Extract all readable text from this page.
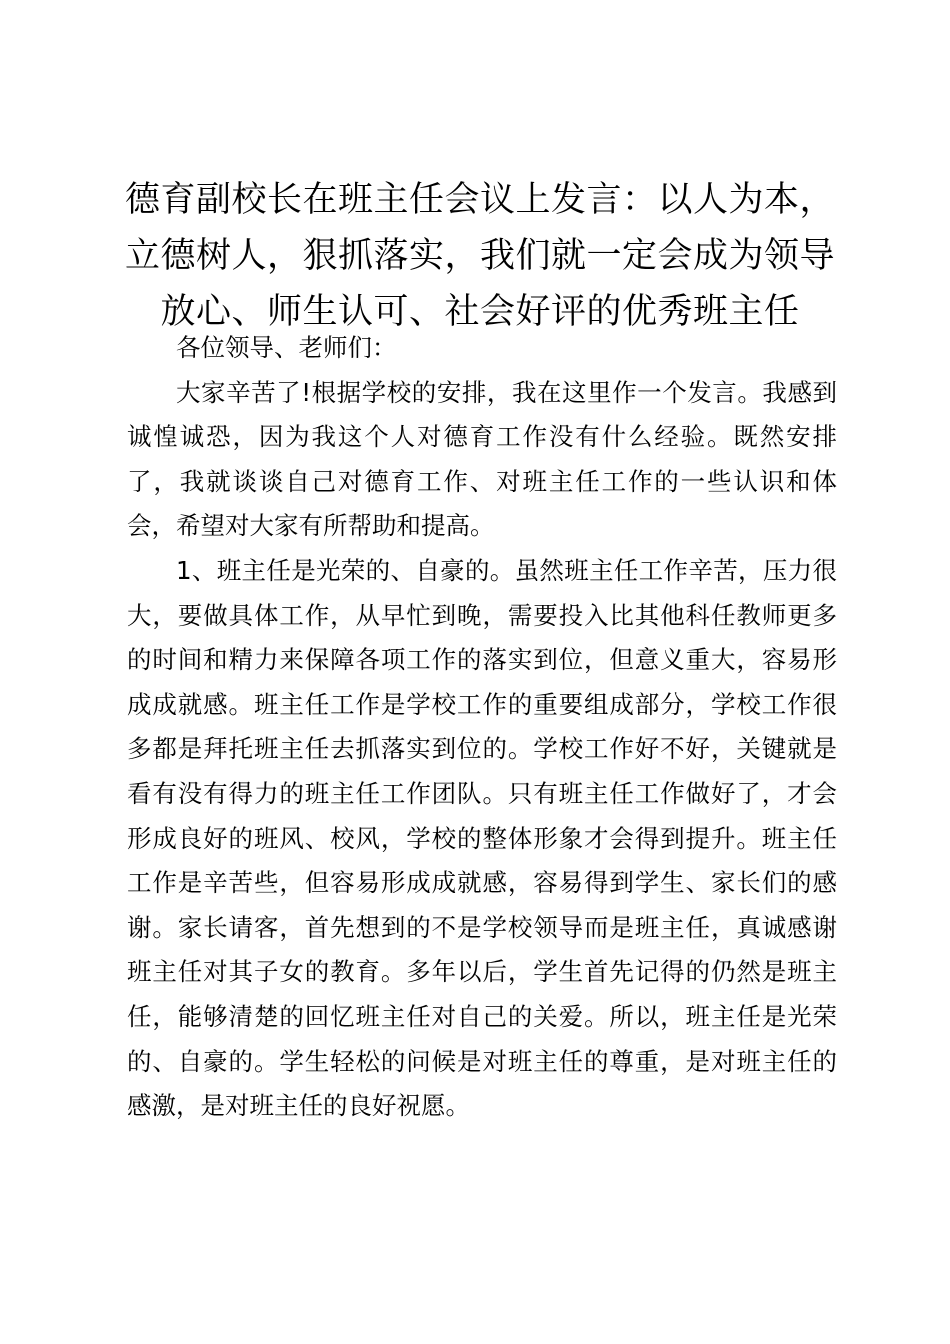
德育副校长在班主任会议上发言：以人为本，
立德树人，狠抓落实，我们就一定会成为领导
放心、师生认可、社会好评的优秀班主任

各位领导、老师们：

大家辛苦了!根据学校的安排，我在这里作一个发言。我感到诚惶诚恐，因为我这个人对德育工作没有什么经验。既然安排了，我就谈谈自己对德育工作、对班主任工作的一些认识和体会，希望对大家有所帮助和提高。

1、班主任是光荣的、自豪的。虽然班主任工作辛苦，压力很大，要做具体工作，从早忙到晚，需要投入比其他科任教师更多的时间和精力来保障各项工作的落实到位，但意义重大，容易形成成就感。班主任工作是学校工作的重要组成部分，学校工作很多都是拜托班主任去抓落实到位的。学校工作好不好，关键就是看有没有得力的班主任工作团队。只有班主任工作做好了，才会形成良好的班风、校风，学校的整体形象才会得到提升。班主任工作是辛苦些，但容易形成成就感，容易得到学生、家长们的感谢。家长请客，首先想到的不是学校领导而是班主任，真诚感谢班主任对其子女的教育。多年以后，学生首先记得的仍然是班主任，能够清楚的回忆班主任对自己的关爱。所以，班主任是光荣的、自豪的。学生轻松的问候是对班主任的尊重，是对班主任的感激，是对班主任的良好祝愿。
